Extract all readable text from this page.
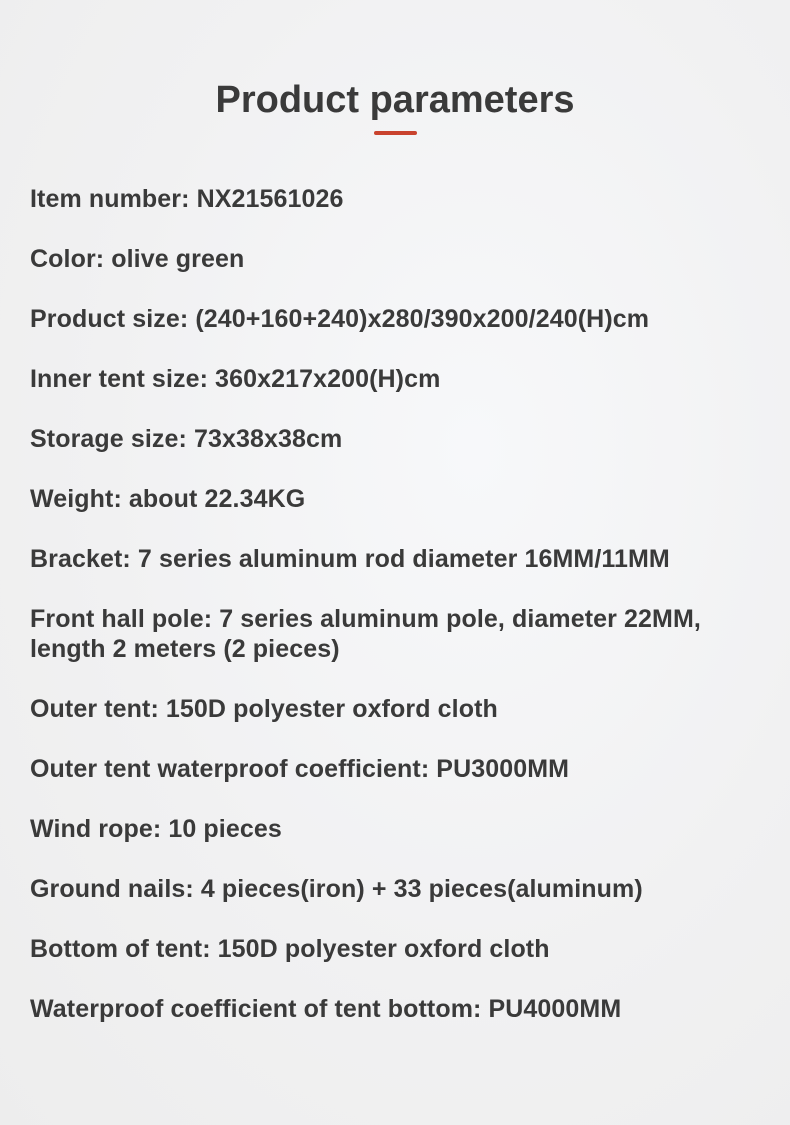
Product parameters
Item number: NX21561026
Color: olive green
Product size: (240+160+240)x280/390x200/240(H)cm
Inner tent size: 360x217x200(H)cm
Storage size: 73x38x38cm
Weight: about 22.34KG
Bracket: 7 series aluminum rod diameter 16MM/11MM
Front hall pole: 7 series aluminum pole, diameter 22MM, length 2 meters (2 pieces)
Outer tent: 150D polyester oxford cloth
Outer tent waterproof coefficient: PU3000MM
Wind rope: 10 pieces
Ground nails: 4 pieces(iron) + 33 pieces(aluminum)
Bottom of tent: 150D polyester oxford cloth
Waterproof coefficient of tent bottom: PU4000MM
